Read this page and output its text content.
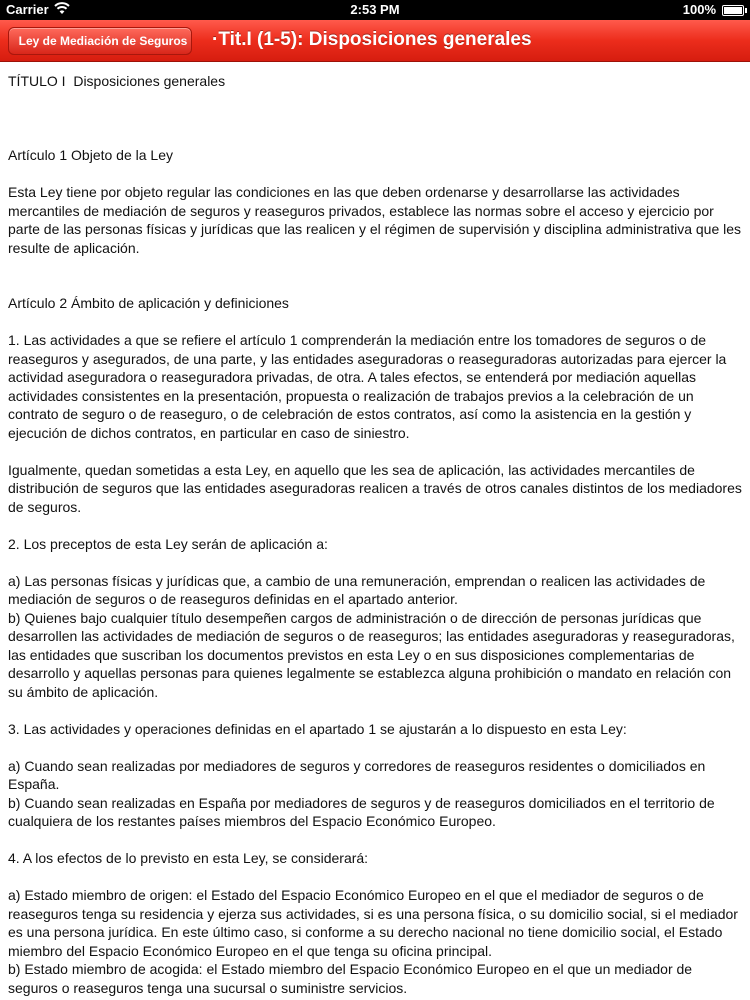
Carrier	2:53 PM	100%
Ley de Mediación de Seguros ·Tit.I (1-5): Disposiciones generales

TÍTULO I  Disposiciones generales

Artículo 1 Objeto de la Ley

Esta Ley tiene por objeto regular las condiciones en las que deben ordenarse y desarrollarse las actividades mercantiles de mediación de seguros y reaseguros privados, establece las normas sobre el acceso y ejercicio por parte de las personas físicas y jurídicas que las realicen y el régimen de supervisión y disciplina administrativa que les resulte de aplicación.

Artículo 2 Ámbito de aplicación y definiciones

1. Las actividades a que se refiere el artículo 1 comprenderán la mediación entre los tomadores de seguros o de reaseguros y asegurados, de una parte, y las entidades aseguradoras o reaseguradoras autorizadas para ejercer la actividad aseguradora o reaseguradora privadas, de otra. A tales efectos, se entenderá por mediación aquellas actividades consistentes en la presentación, propuesta o realización de trabajos previos a la celebración de un contrato de seguro o de reaseguro, o de celebración de estos contratos, así como la asistencia en la gestión y ejecución de dichos contratos, en particular en caso de siniestro.

Igualmente, quedan sometidas a esta Ley, en aquello que les sea de aplicación, las actividades mercantiles de distribución de seguros que las entidades aseguradoras realicen a través de otros canales distintos de los mediadores de seguros.

2. Los preceptos de esta Ley serán de aplicación a:

a) Las personas físicas y jurídicas que, a cambio de una remuneración, emprendan o realicen las actividades de mediación de seguros o de reaseguros definidas en el apartado anterior.

b) Quienes bajo cualquier título desempeñen cargos de administración o de dirección de personas jurídicas que desarrollen las actividades de mediación de seguros o de reaseguros; las entidades aseguradoras y reaseguradoras, las entidades que suscriban los documentos previstos en esta Ley o en sus disposiciones complementarias de desarrollo y aquellas personas para quienes legalmente se establezca alguna prohibición o mandato en relación con su ámbito de aplicación.

3. Las actividades y operaciones definidas en el apartado 1 se ajustarán a lo dispuesto en esta Ley:

a) Cuando sean realizadas por mediadores de seguros y corredores de reaseguros residentes o domiciliados en España.

b) Cuando sean realizadas en España por mediadores de seguros y de reaseguros domiciliados en el territorio de cualquiera de los restantes países miembros del Espacio Económico Europeo.

4. A los efectos de lo previsto en esta Ley, se considerará:

a) Estado miembro de origen: el Estado del Espacio Económico Europeo en el que el mediador de seguros o de reaseguros tenga su residencia y ejerza sus actividades, si es una persona física, o su domicilio social, si el mediador es una persona jurídica. En este último caso, si conforme a su derecho nacional no tiene domicilio social, el Estado miembro del Espacio Económico Europeo en el que tenga su oficina principal.

b) Estado miembro de acogida: el Estado miembro del Espacio Económico Europeo en el que un mediador de seguros o reaseguros tenga una sucursal o suministre servicios.
